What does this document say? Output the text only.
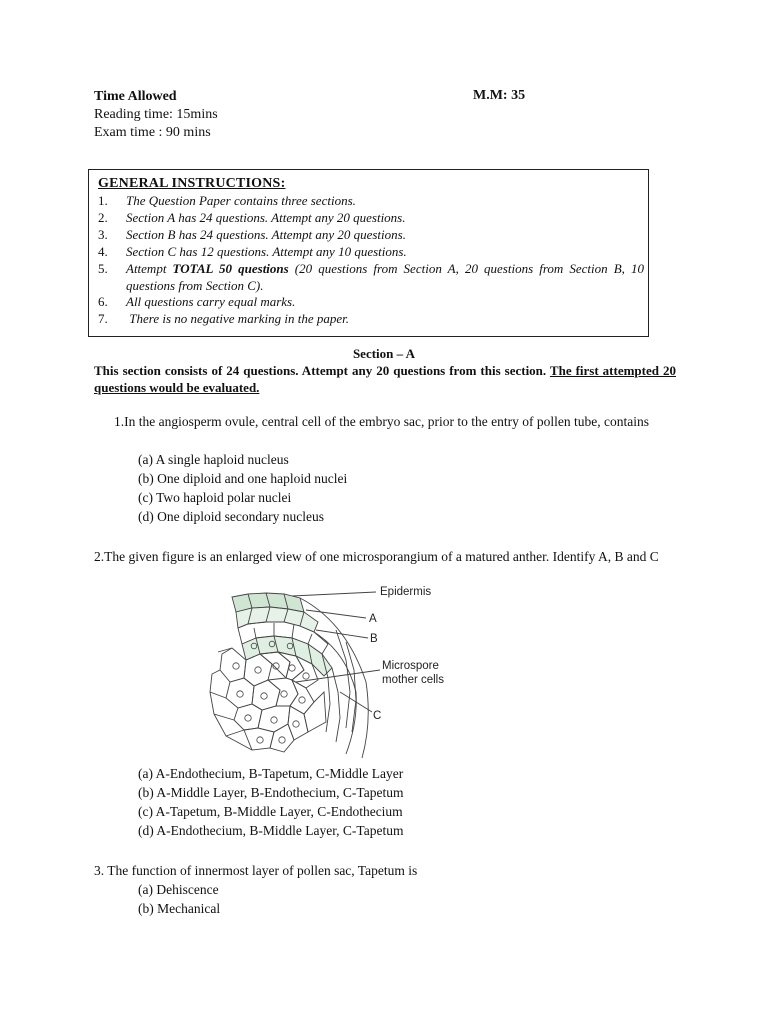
Time Allowed
Reading time: 15mins
Exam time : 90 mins
M.M: 35
GENERAL INSTRUCTIONS:
1. The Question Paper contains three sections.
2. Section A has 24 questions. Attempt any 20 questions.
3. Section B has 24 questions. Attempt any 20 questions.
4. Section C has 12 questions. Attempt any 10 questions.
5. Attempt TOTAL 50 questions (20 questions from Section A, 20 questions from Section B, 10 questions from Section C).
6. All questions carry equal marks.
7. There is no negative marking in the paper.
Section – A
This section consists of 24 questions. Attempt any 20 questions from this section. The first attempted 20 questions would be evaluated.
1.In the angiosperm ovule, central cell of the embryo sac, prior to the entry of pollen tube, contains
(a) A single haploid nucleus
(b) One diploid and one haploid nuclei
(c) Two haploid polar nuclei
(d) One diploid secondary nucleus
2.The given figure is an enlarged view of one microsporangium of a matured anther. Identify A, B and C
Epidermis
A
B
Microspore
mother cells
C
(a) A-Endothecium, B-Tapetum, C-Middle Layer
(b) A-Middle Layer, B-Endothecium, C-Tapetum
(c) A-Tapetum, B-Middle Layer, C-Endothecium
(d) A-Endothecium, B-Middle Layer, C-Tapetum
3. The function of innermost layer of pollen sac, Tapetum is
(a) Dehiscence
(b) Mechanical
